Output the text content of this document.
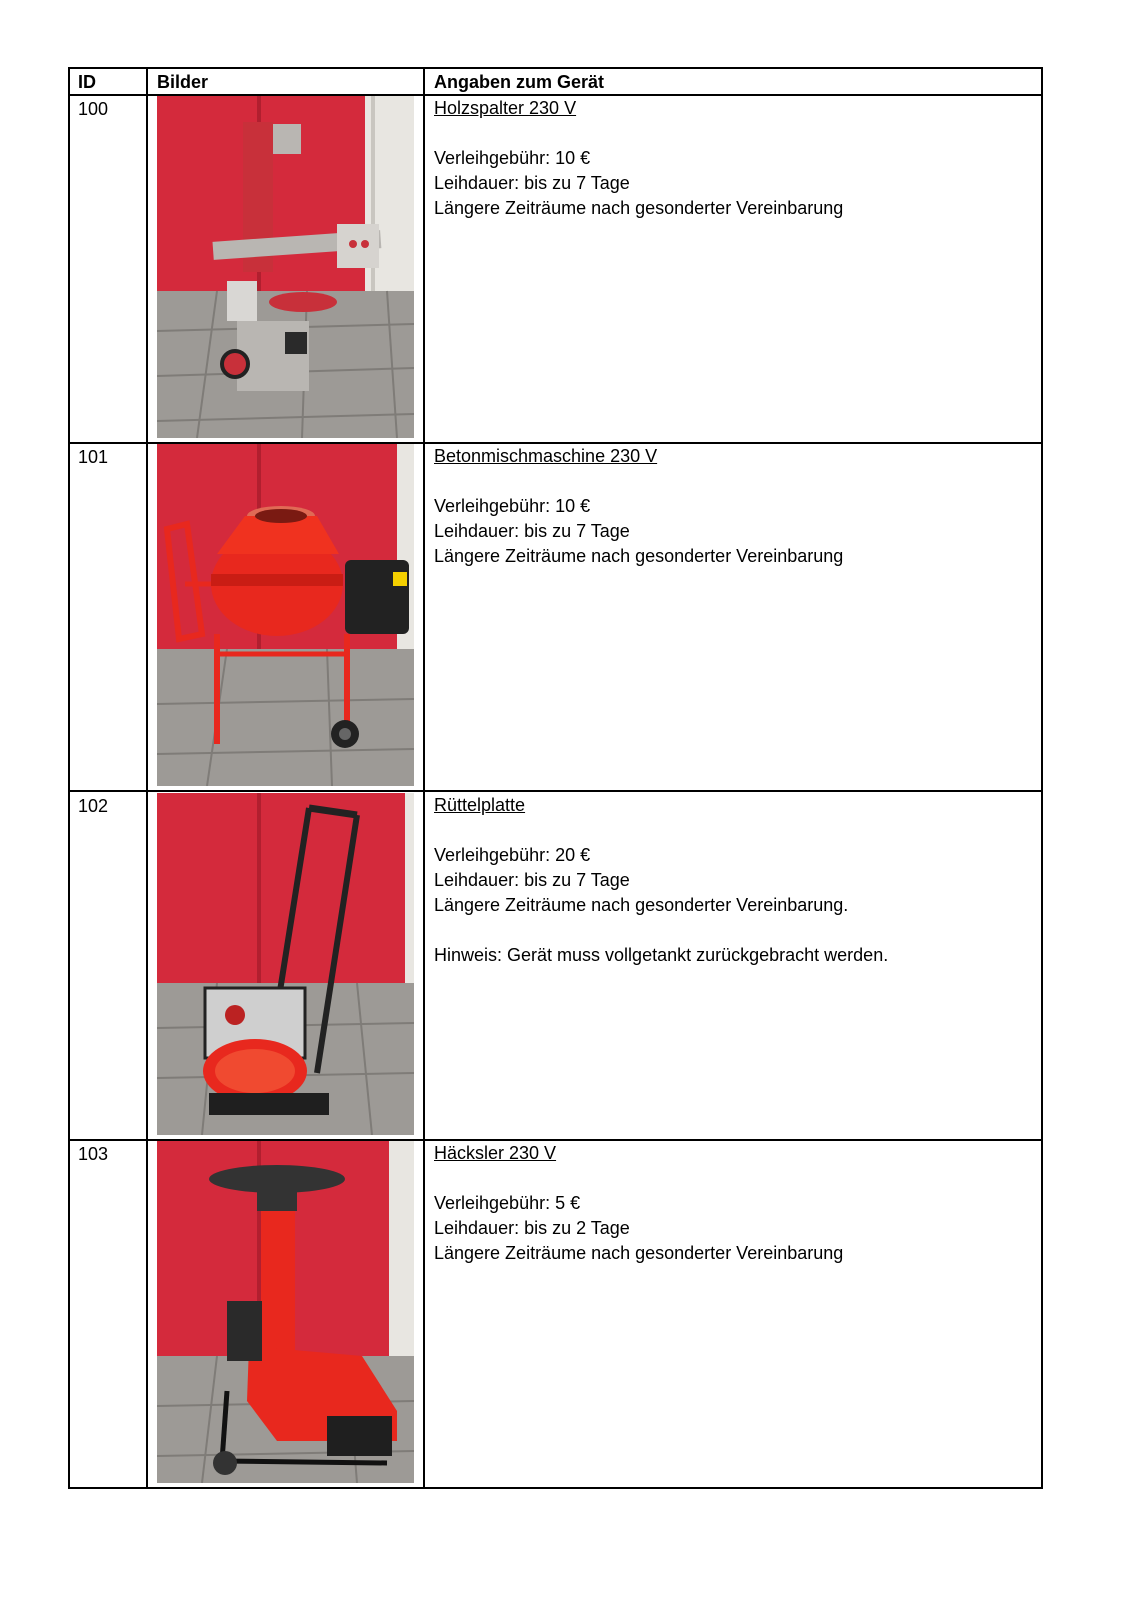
ID	Bilder	Angaben zum Gerät
100	Holzspalter 230 V
Verleihgebühr: 10 €
Leihdauer: bis zu 7 Tage
Längere Zeiträume nach gesonderter Vereinbarung
101	Betonmischmaschine 230 V
Verleihgebühr: 10 €
Leihdauer: bis zu 7 Tage
Längere Zeiträume nach gesonderter Vereinbarung
102	Rüttelplatte
Verleihgebühr: 20 €
Leihdauer: bis zu 7 Tage
Längere Zeiträume nach gesonderter Vereinbarung.
Hinweis: Gerät muss vollgetankt zurückgebracht werden.
103	Häcksler 230 V
Verleihgebühr: 5 €
Leihdauer: bis zu 2 Tage
Längere Zeiträume nach gesonderter Vereinbarung
